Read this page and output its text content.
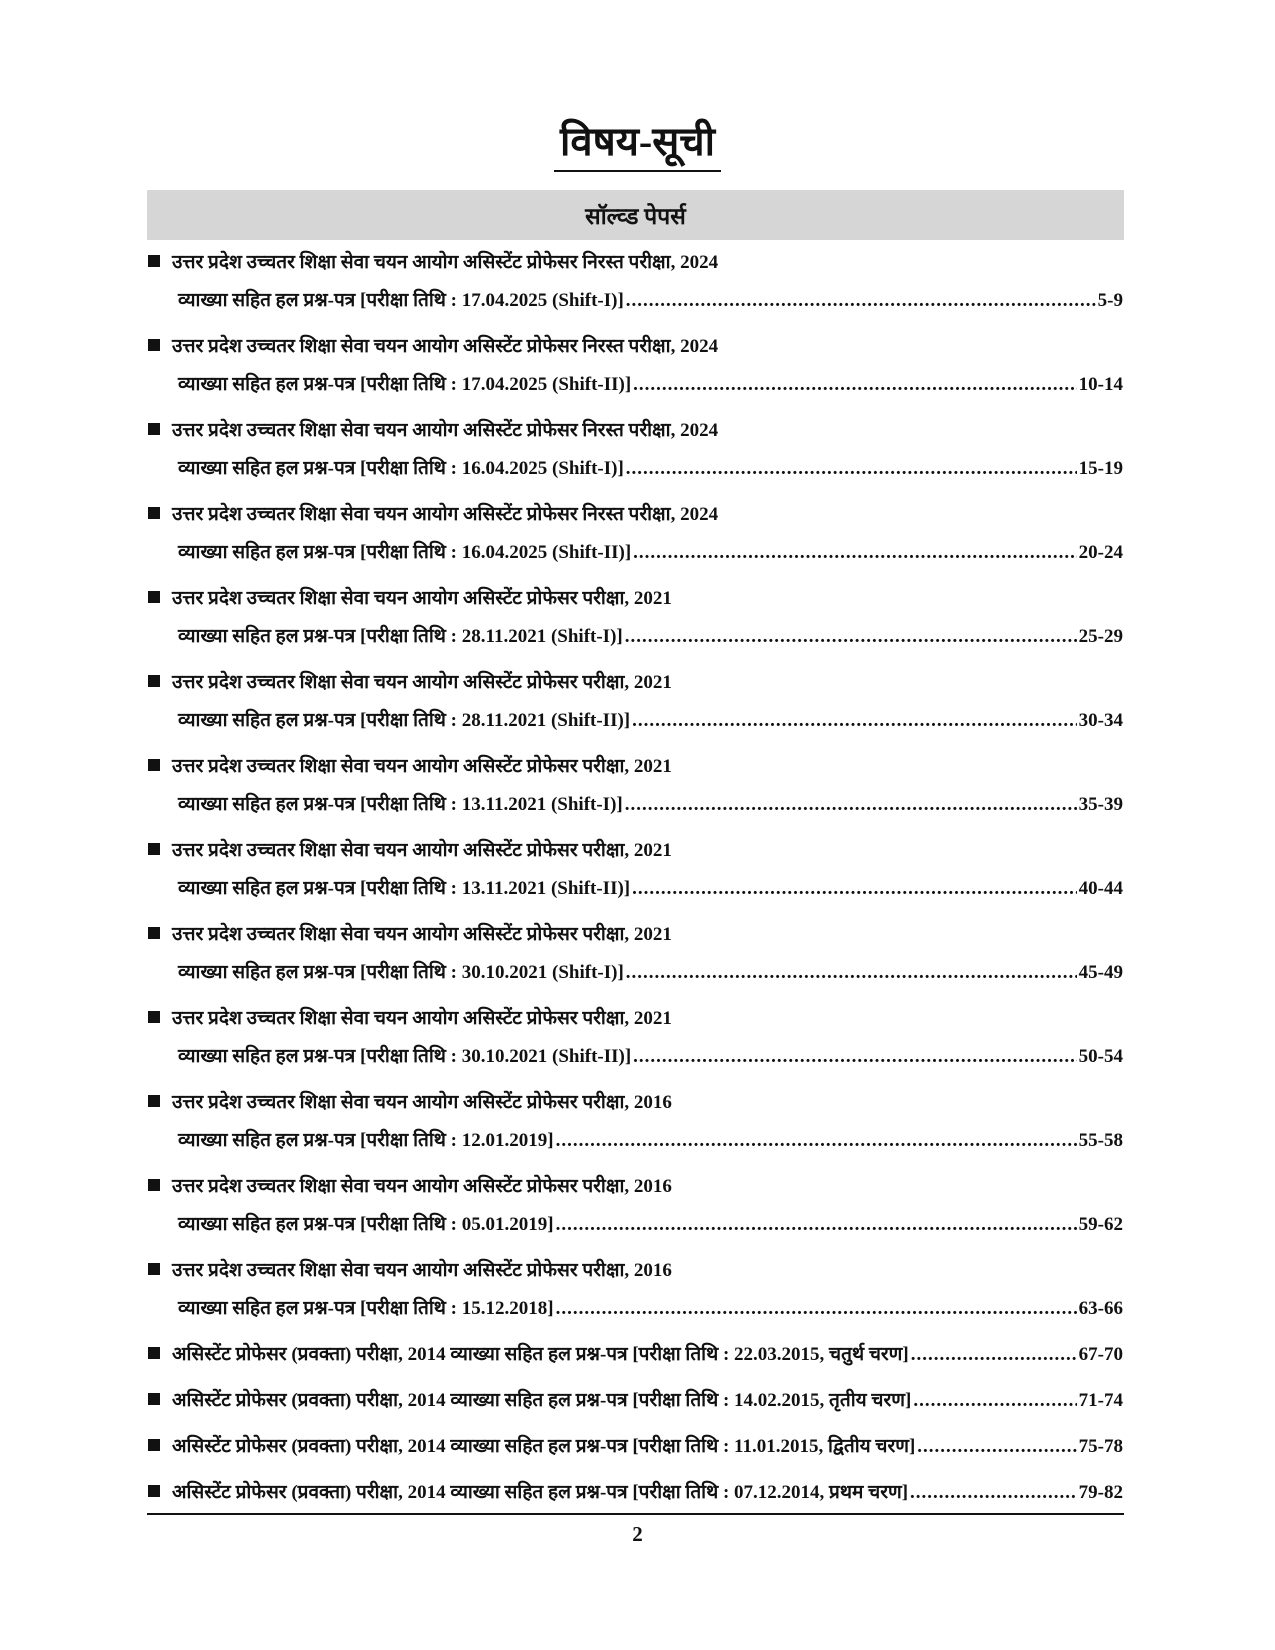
विषय-सूची
सॉल्व्ड पेपर्स
उत्तर प्रदेश उच्चतर शिक्षा सेवा चयन आयोग असिस्टेंट प्रोफेसर निरस्त परीक्षा, 2024
व्याख्या सहित हल प्रश्न-पत्र [परीक्षा तिथि : 17.04.2025 (Shift-I)] .....	5-9
उत्तर प्रदेश उच्चतर शिक्षा सेवा चयन आयोग असिस्टेंट प्रोफेसर निरस्त परीक्षा, 2024
व्याख्या सहित हल प्रश्न-पत्र [परीक्षा तिथि : 17.04.2025 (Shift-II)] .....	10-14
उत्तर प्रदेश उच्चतर शिक्षा सेवा चयन आयोग असिस्टेंट प्रोफेसर निरस्त परीक्षा, 2024
व्याख्या सहित हल प्रश्न-पत्र [परीक्षा तिथि : 16.04.2025 (Shift-I)] .....	15-19
उत्तर प्रदेश उच्चतर शिक्षा सेवा चयन आयोग असिस्टेंट प्रोफेसर निरस्त परीक्षा, 2024
व्याख्या सहित हल प्रश्न-पत्र [परीक्षा तिथि : 16.04.2025 (Shift-II)] .....	20-24
उत्तर प्रदेश उच्चतर शिक्षा सेवा चयन आयोग असिस्टेंट प्रोफेसर परीक्षा, 2021
व्याख्या सहित हल प्रश्न-पत्र [परीक्षा तिथि : 28.11.2021 (Shift-I)] .....	25-29
उत्तर प्रदेश उच्चतर शिक्षा सेवा चयन आयोग असिस्टेंट प्रोफेसर परीक्षा, 2021
व्याख्या सहित हल प्रश्न-पत्र [परीक्षा तिथि : 28.11.2021 (Shift-II)] .....	30-34
उत्तर प्रदेश उच्चतर शिक्षा सेवा चयन आयोग असिस्टेंट प्रोफेसर परीक्षा, 2021
व्याख्या सहित हल प्रश्न-पत्र [परीक्षा तिथि : 13.11.2021 (Shift-I)] .....	35-39
उत्तर प्रदेश उच्चतर शिक्षा सेवा चयन आयोग असिस्टेंट प्रोफेसर परीक्षा, 2021
व्याख्या सहित हल प्रश्न-पत्र [परीक्षा तिथि : 13.11.2021 (Shift-II)] .....	40-44
उत्तर प्रदेश उच्चतर शिक्षा सेवा चयन आयोग असिस्टेंट प्रोफेसर परीक्षा, 2021
व्याख्या सहित हल प्रश्न-पत्र [परीक्षा तिथि : 30.10.2021 (Shift-I)] .....	45-49
उत्तर प्रदेश उच्चतर शिक्षा सेवा चयन आयोग असिस्टेंट प्रोफेसर परीक्षा, 2021
व्याख्या सहित हल प्रश्न-पत्र [परीक्षा तिथि : 30.10.2021 (Shift-II)] .....	50-54
उत्तर प्रदेश उच्चतर शिक्षा सेवा चयन आयोग असिस्टेंट प्रोफेसर परीक्षा, 2016
व्याख्या सहित हल प्रश्न-पत्र [परीक्षा तिथि : 12.01.2019] .....	55-58
उत्तर प्रदेश उच्चतर शिक्षा सेवा चयन आयोग असिस्टेंट प्रोफेसर परीक्षा, 2016
व्याख्या सहित हल प्रश्न-पत्र [परीक्षा तिथि : 05.01.2019] .....	59-62
उत्तर प्रदेश उच्चतर शिक्षा सेवा चयन आयोग असिस्टेंट प्रोफेसर परीक्षा, 2016
व्याख्या सहित हल प्रश्न-पत्र [परीक्षा तिथि : 15.12.2018] .....	63-66
असिस्टेंट प्रोफेसर (प्रवक्ता) परीक्षा, 2014 व्याख्या सहित हल प्रश्न-पत्र [परीक्षा तिथि : 22.03.2015, चतुर्थ चरण] .....	67-70
असिस्टेंट प्रोफेसर (प्रवक्ता) परीक्षा, 2014 व्याख्या सहित हल प्रश्न-पत्र [परीक्षा तिथि : 14.02.2015, तृतीय चरण] .....	71-74
असिस्टेंट प्रोफेसर (प्रवक्ता) परीक्षा, 2014 व्याख्या सहित हल प्रश्न-पत्र [परीक्षा तिथि : 11.01.2015, द्वितीय चरण] .....	75-78
असिस्टेंट प्रोफेसर (प्रवक्ता) परीक्षा, 2014 व्याख्या सहित हल प्रश्न-पत्र [परीक्षा तिथि : 07.12.2014, प्रथम चरण] .....	79-82
2
